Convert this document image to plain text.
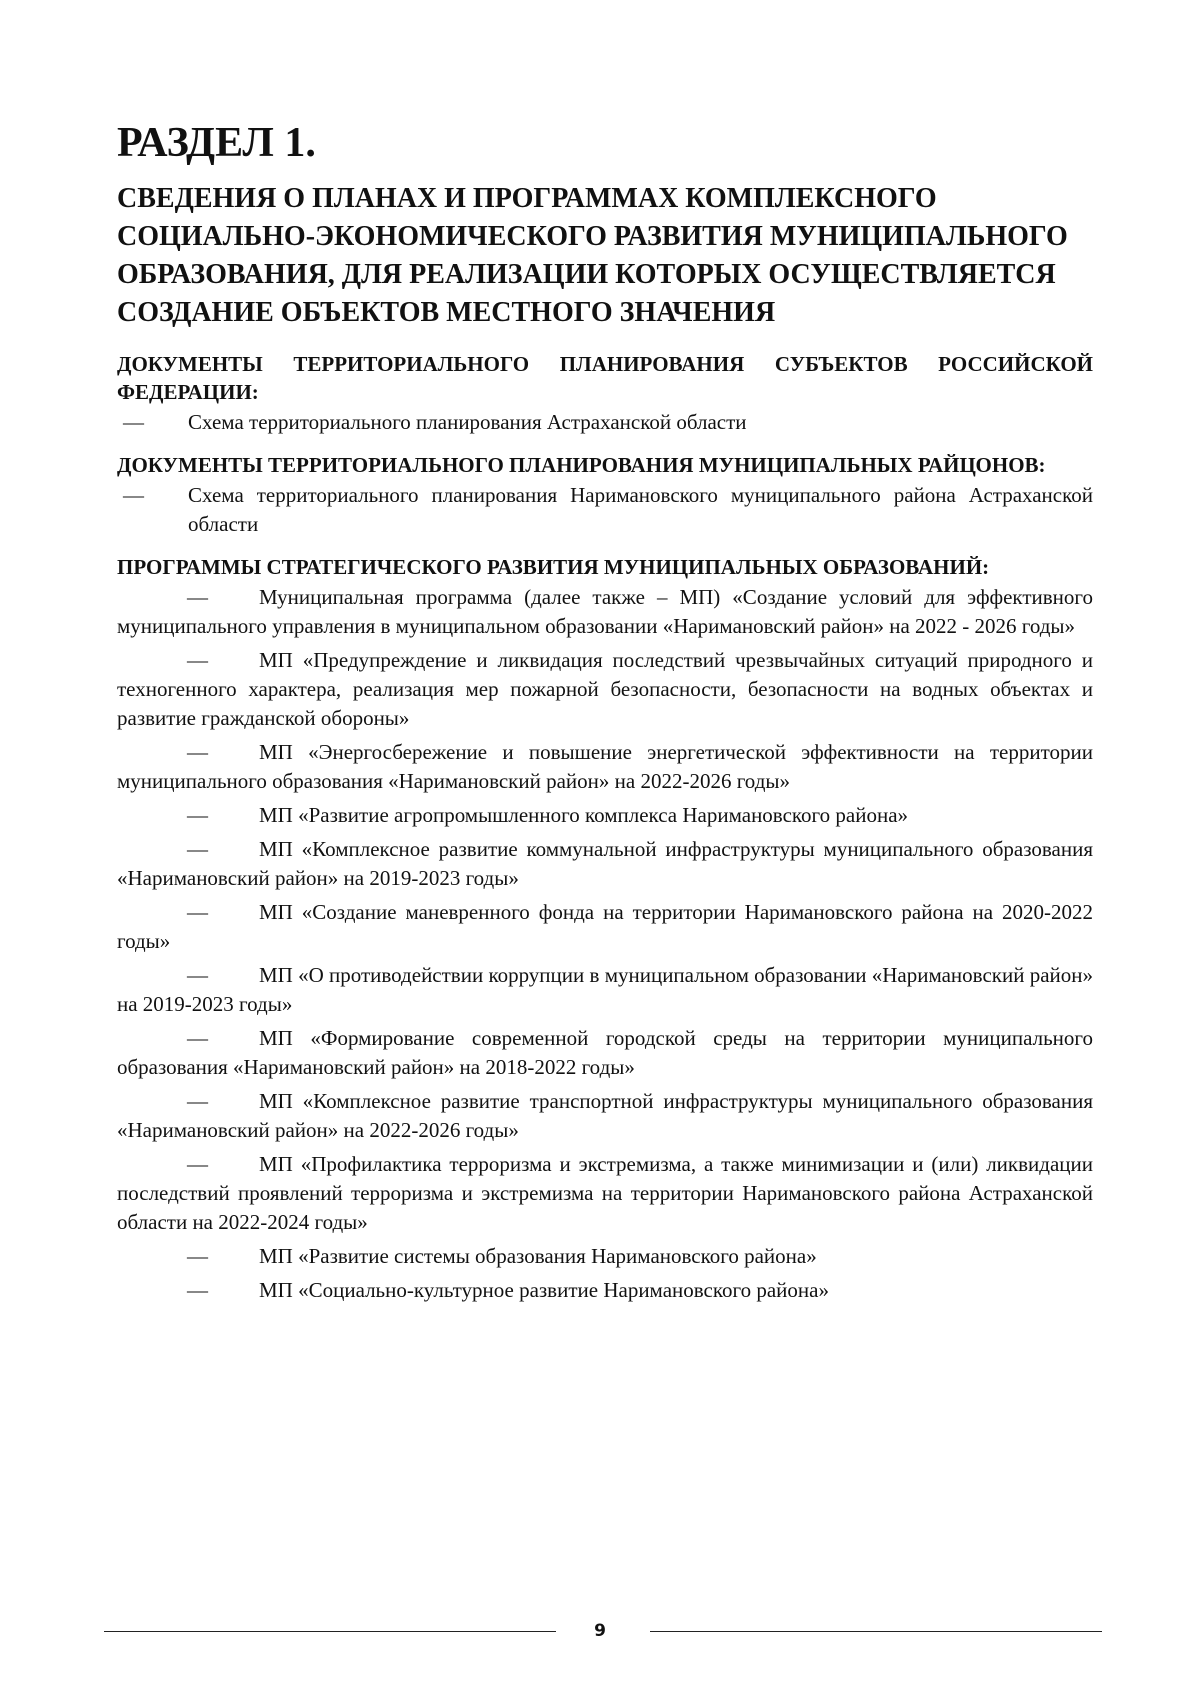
РАЗДЕЛ 1.
СВЕДЕНИЯ О ПЛАНАХ И ПРОГРАММАХ КОМПЛЕКСНОГО СОЦИАЛЬНО-ЭКОНОМИЧЕСКОГО РАЗВИТИЯ МУНИЦИПАЛЬНОГО ОБРАЗОВАНИЯ, ДЛЯ РЕАЛИЗАЦИИ КОТОРЫХ ОСУЩЕСТВЛЯЕТСЯ СОЗДАНИЕ ОБЪЕКТОВ МЕСТНОГО ЗНАЧЕНИЯ

ДОКУМЕНТЫ ТЕРРИТОРИАЛЬНОГО ПЛАНИРОВАНИЯ СУБЪЕКТОВ РОССИЙСКОЙ ФЕДЕРАЦИИ:

— Схема территориального планирования Астраханской области

ДОКУМЕНТЫ ТЕРРИТОРИАЛЬНОГО ПЛАНИРОВАНИЯ МУНИЦИПАЛЬНЫХ РАЙЦОНОВ:

— Схема территориального планирования Наримановского муниципального района Астраханской области

ПРОГРАММЫ СТРАТЕГИЧЕСКОГО РАЗВИТИЯ МУНИЦИПАЛЬНЫХ ОБРАЗОВАНИЙ:

— Муниципальная программа (далее также – МП) «Создание условий для эффективного муниципального управления в муниципальном образовании «Наримановский район» на 2022 - 2026 годы»
— МП «Предупреждение и ликвидация последствий чрезвычайных ситуаций природного и техногенного характера, реализация мер пожарной безопасности, безопасности на водных объектах и развитие гражданской обороны»
— МП «Энергосбережение и повышение энергетической эффективности на территории муниципального образования «Наримановский район» на 2022-2026 годы»
— МП «Развитие агропромышленного комплекса Наримановского района»
— МП «Комплексное развитие коммунальной инфраструктуры муниципального образования «Наримановский район» на 2019-2023 годы»
— МП «Создание маневренного фонда на территории Наримановского района на 2020-2022 годы»
— МП «О противодействии коррупции в муниципальном образовании «Наримановский район» на 2019-2023 годы»
— МП «Формирование современной городской среды на территории муниципального образования «Наримановский район» на 2018-2022 годы»
— МП «Комплексное развитие транспортной инфраструктуры муниципального образования «Наримановский район» на 2022-2026 годы»
— МП «Профилактика терроризма и экстремизма, а также минимизации и (или) ликвидации последствий проявлений терроризма и экстремизма на территории Наримановского района Астраханской области на 2022-2024 годы»
— МП «Развитие системы образования Наримановского района»
— МП «Социально-культурное развитие Наримановского района»
9
